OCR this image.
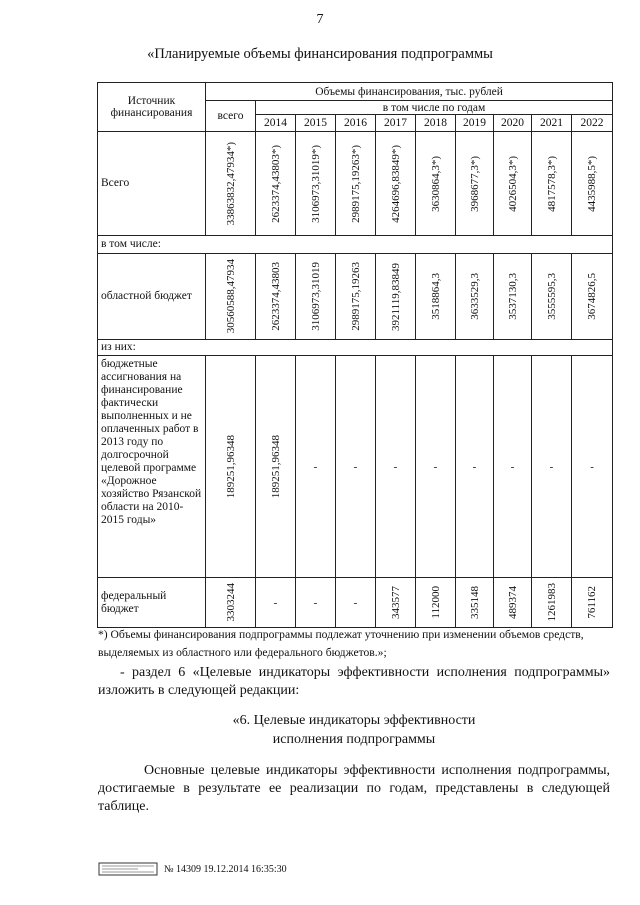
7
«Планируемые объемы финансирования подпрограммы
Источник финансирования	Объемы финансирования, тыс. рублей									
	всего	в том числе по годам								
		2014	2015	2016	2017	2018	2019	2020	2021	2022
Всего	33863832,47934*)	2623374,43803*)	3106973,31019*)	2989175,19263*)	4264696,83849*)	3630864,3*)	3968677,3*)	4026504,3*)	4817578,3*)	4435988,5*)

в том числе:										
областной бюджет	30560588,47934	2623374,43803	3106973,31019	2989175,19263	3921119,83849	3518864,3	3633529,3	3537130,3	3555595,3	3674826,5

из них:										
бюджетные ассигнования на финансирование фактически выполненных и не оплаченных работ в 2013 году по долгосрочной целевой программе «Дорожное хозяйство Рязанской области на 2010-2015 годы»	189251,96348	189251,96348	-	-	-	-	-	-	-	-

федеральный бюджет	3303244	-	-	-	343577	112000	335148	489374	1261983	761162
*) Объемы финансирования подпрограммы подлежат уточнению при изменении объемов средств, выделяемых из областного или федерального бюджетов.»;
- раздел 6 «Целевые индикаторы эффективности исполнения подпрограммы» изложить в следующей редакции:
«6. Целевые индикаторы эффективности
исполнения подпрограммы
Основные целевые индикаторы эффективности исполнения подпрограммы, достигаемые в результате ее реализации по годам, представлены в следующей таблице.
№ 14309 19.12.2014 16:35:30
